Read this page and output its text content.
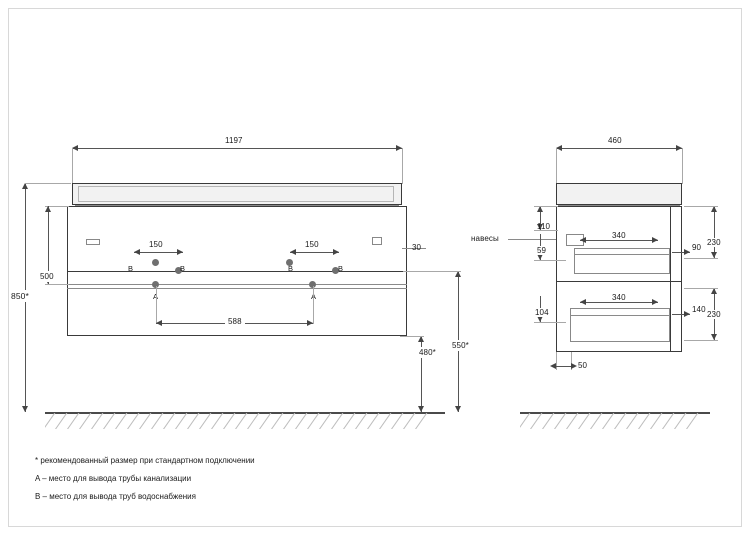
1197
B	B	B	B
A	A
150	150
588
30
500
850*
480*
550*
460
навесы
110
59
340
90
230
104
340
140
230
50
* рекомендованный размер при стандартном подключении
A – место для вывода трубы канализации
B – место для вывода труб водоснабжения
